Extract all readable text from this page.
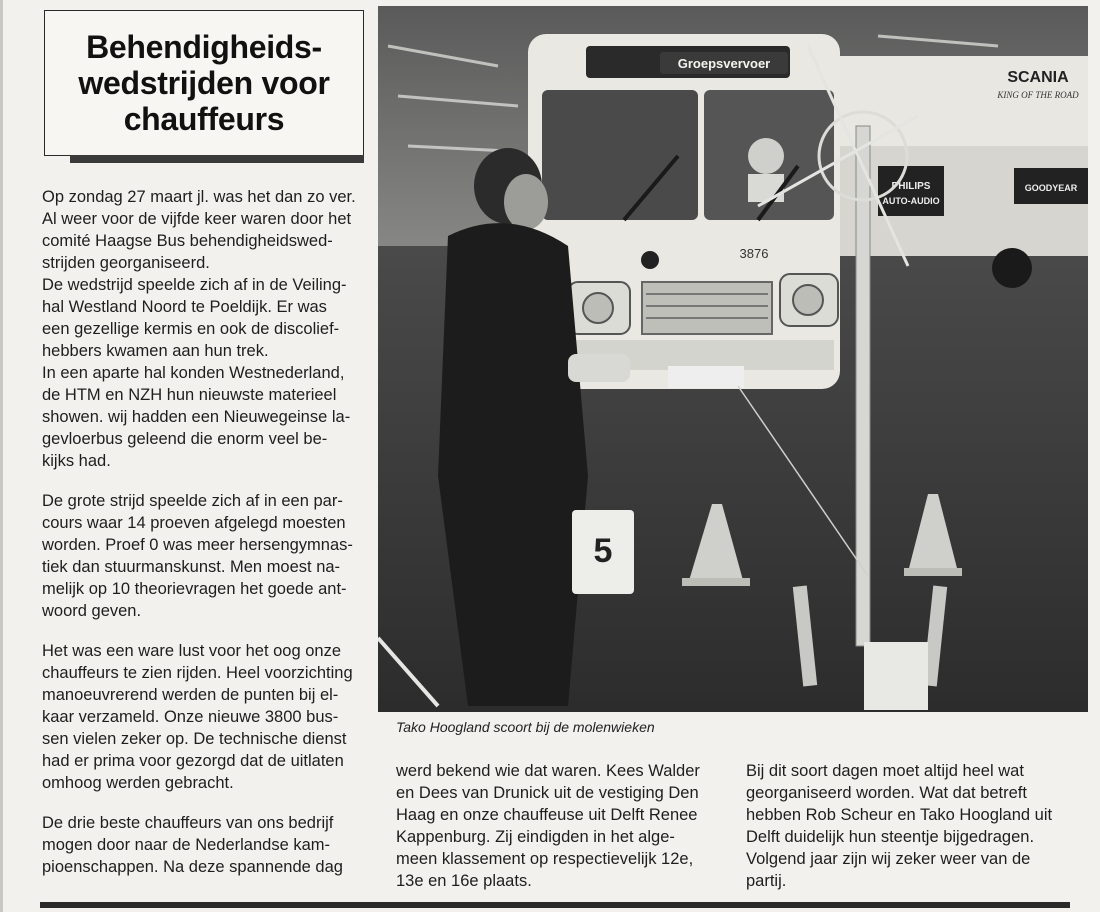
Behendigheids-
wedstrijden voor
chauffeurs

Op zondag 27 maart jl. was het dan zo ver.
Al weer voor de vijfde keer waren door het
comité Haagse Bus behendigheidswed-
strijden georganiseerd.
De wedstrijd speelde zich af in de Veiling-
hal Westland Noord te Poeldijk. Er was
een gezellige kermis en ook de discolief-
hebbers kwamen aan hun trek.
In een aparte hal konden Westnederland,
de HTM en NZH hun nieuwste materieel
showen. wij hadden een Nieuwegeinse la-
gevloerbus geleend die enorm veel be-
kijks had.

De grote strijd speelde zich af in een par-
cours waar 14 proeven afgelegd moesten
worden. Proef 0 was meer hersengymnas-
tiek dan stuurmanskunst. Men moest na-
melijk op 10 theorievragen het goede ant-
woord geven.

Het was een ware lust voor het oog onze
chauffeurs te zien rijden. Heel voorzichting
manoeuvrerend werden de punten bij el-
kaar verzameld. Onze nieuwe 3800 bus-
sen vielen zeker op. De technische dienst
had er prima voor gezorgd dat de uitlaten
omhoog werden gebracht.

De drie beste chauffeurs van ons bedrijf
mogen door naar de Nederlandse kam-
pioenschappen. Na deze spannende dag

SCANIA
KING OF THE ROAD
PHILIPS
AUTO-AUDIO
GOODYEAR
Groepsvervoer
3876
5
Tako Hoogland scoort bij de molenwieken
werd bekend wie dat waren. Kees Walder
en Dees van Drunick uit de vestiging Den
Haag en onze chauffeuse uit Delft Renee
Kappenburg. Zij eindigden in het alge-
meen klassement op respectievelijk 12e,
13e en 16e plaats.
Bij dit soort dagen moet altijd heel wat
georganiseerd worden. Wat dat betreft
hebben Rob Scheur en Tako Hoogland uit
Delft duidelijk hun steentje bijgedragen.
Volgend jaar zijn wij zeker weer van de
partij.
